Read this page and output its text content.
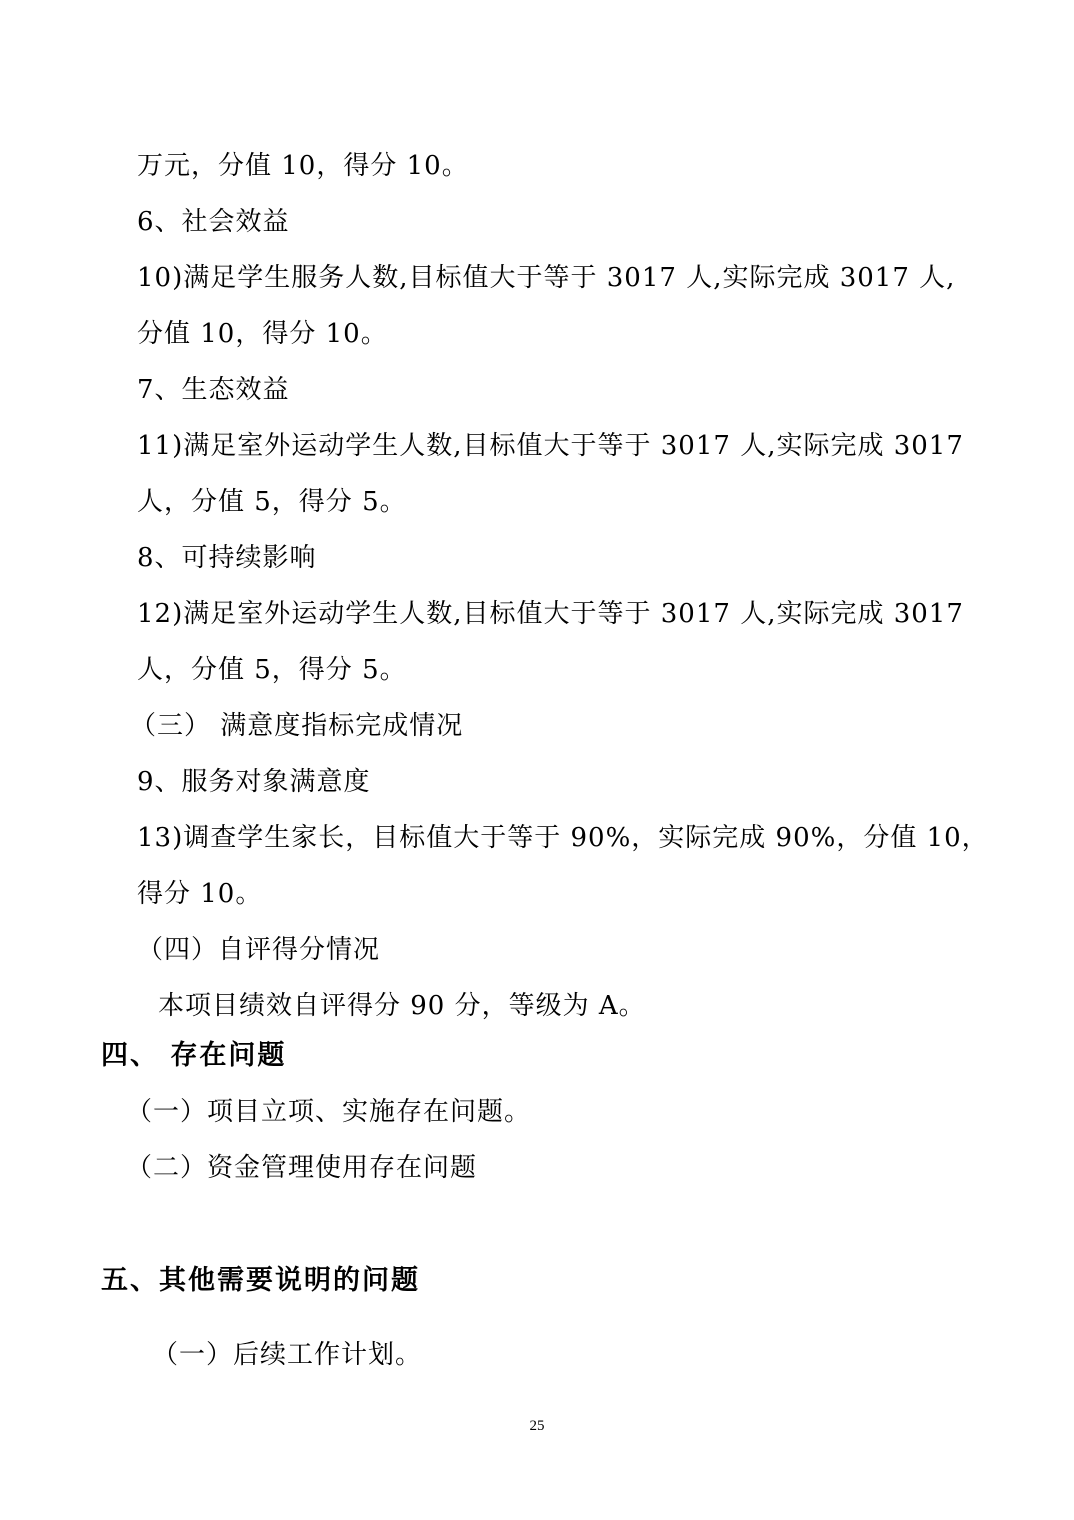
万元，分值 10，得分 10。
6、社会效益
10)满足学生服务人数,目标值大于等于 3017 人,实际完成 3017 人,
分值 10，得分 10。
7、生态效益
11)满足室外运动学生人数,目标值大于等于 3017 人,实际完成 3017
人，分值 5，得分 5。
8、可持续影响
12)满足室外运动学生人数,目标值大于等于 3017 人,实际完成 3017
人，分值 5，得分 5。
（三） 满意度指标完成情况
9、服务对象满意度
13)调查学生家长，目标值大于等于 90%，实际完成 90%，分值 10，
得分 10。
（四）自评得分情况
本项目绩效自评得分 90 分，等级为 A。
四、 存在问题
（一）项目立项、实施存在问题。
（二）资金管理使用存在问题
五、其他需要说明的问题
（一）后续工作计划。
25
